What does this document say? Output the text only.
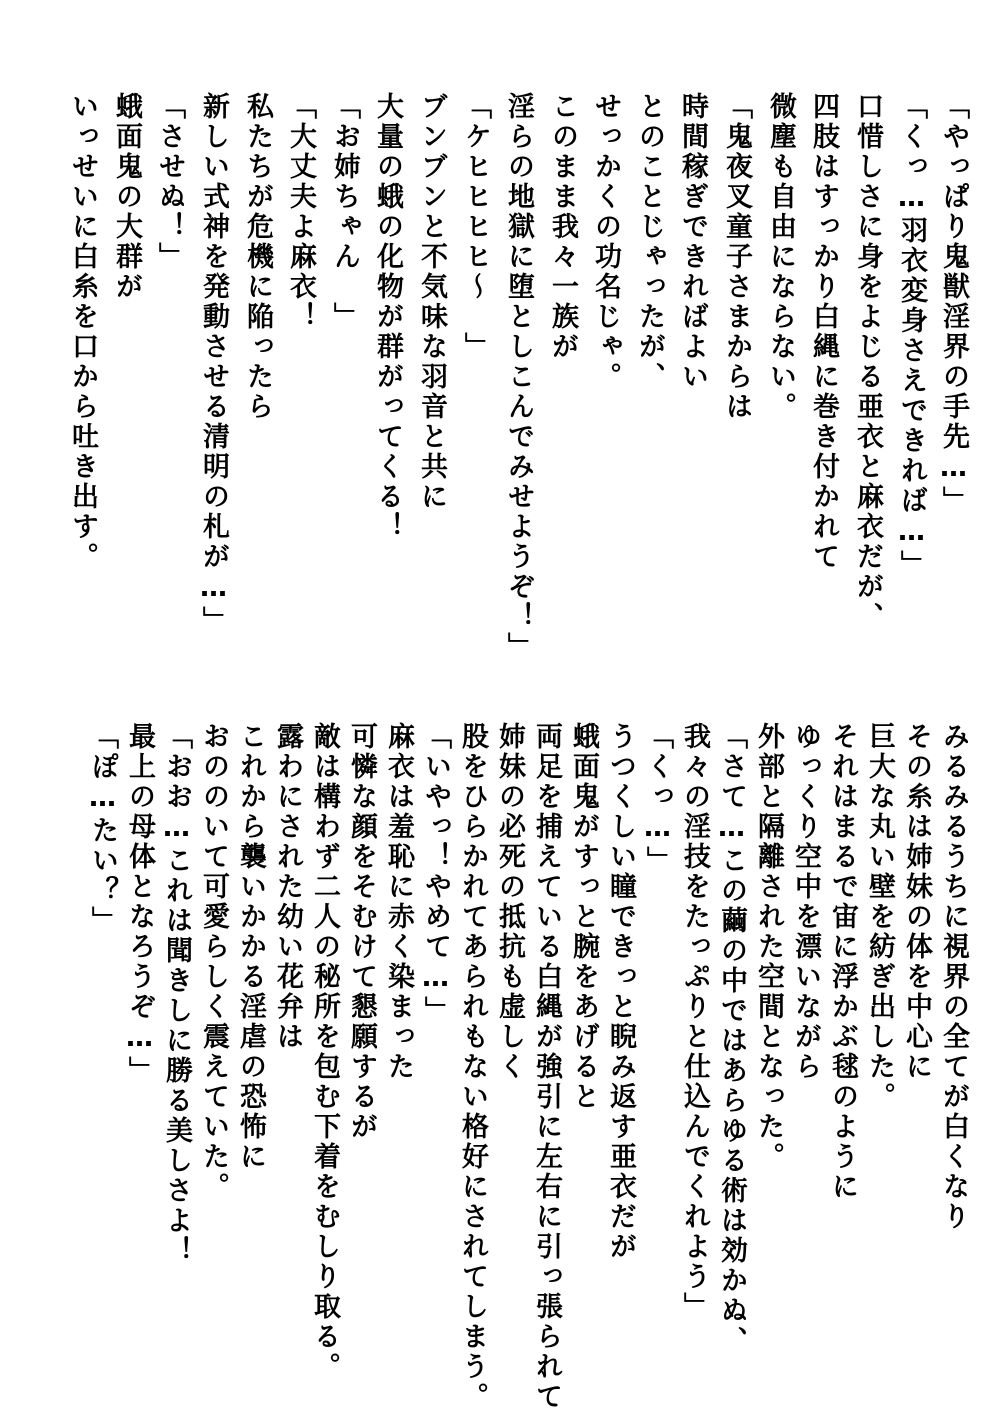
「やっぱり鬼獣淫界の手先…」
「くっ…羽衣変身さえできれば…」
口惜しさに身をよじる亜衣と麻衣だが、
四肢はすっかり白縄に巻き付かれて
微塵も自由にならない。
「鬼夜叉童子さまからは
時間稼ぎできればよい
とのことじゃったが、
せっかくの功名じゃ。
このまま我々一族が
淫らの地獄に堕としこんでみせようぞ！」
「ケヒヒヒヒ～　」
ブンブンと不気味な羽音と共に
大量の蛾の化物が群がってくる！
「お姉ちゃん　」
「大丈夫よ麻衣！
私たちが危機に陥ったら
新しい式神を発動させる清明の札が…」
「させぬ！」
蛾面鬼の大群が
いっせいに白糸を口から吐き出す。
みるみるうちに視界の全てが白くなり
その糸は姉妹の体を中心に
巨大な丸い壁を紡ぎ出した。
それはまるで宙に浮かぶ毬のように
ゆっくり空中を漂いながら
外部と隔離された空間となった。
「さて…この繭の中ではあらゆる術は効かぬ、
我々の淫技をたっぷりと仕込んでくれよう」
「くっ…」
うつくしい瞳できっと睨み返す亜衣だが
蛾面鬼がすっと腕をあげると
両足を捕えている白縄が強引に左右に引っ張られて
姉妹の必死の抵抗も虚しく
股をひらかれてあられもない格好にされてしまう。
「いやっ！やめて…」
麻衣は羞恥に赤く染まった
可憐な顔をそむけて懇願するが
敵は構わず二人の秘所を包む下着をむしり取る。
露わにされた幼い花弁は
これから襲いかかる淫虐の恐怖に
おののいて可愛らしく震えていた。
「おお…これは聞きしに勝る美しさよ！
最上の母体となろうぞ…」
「ぽ…たい？」
